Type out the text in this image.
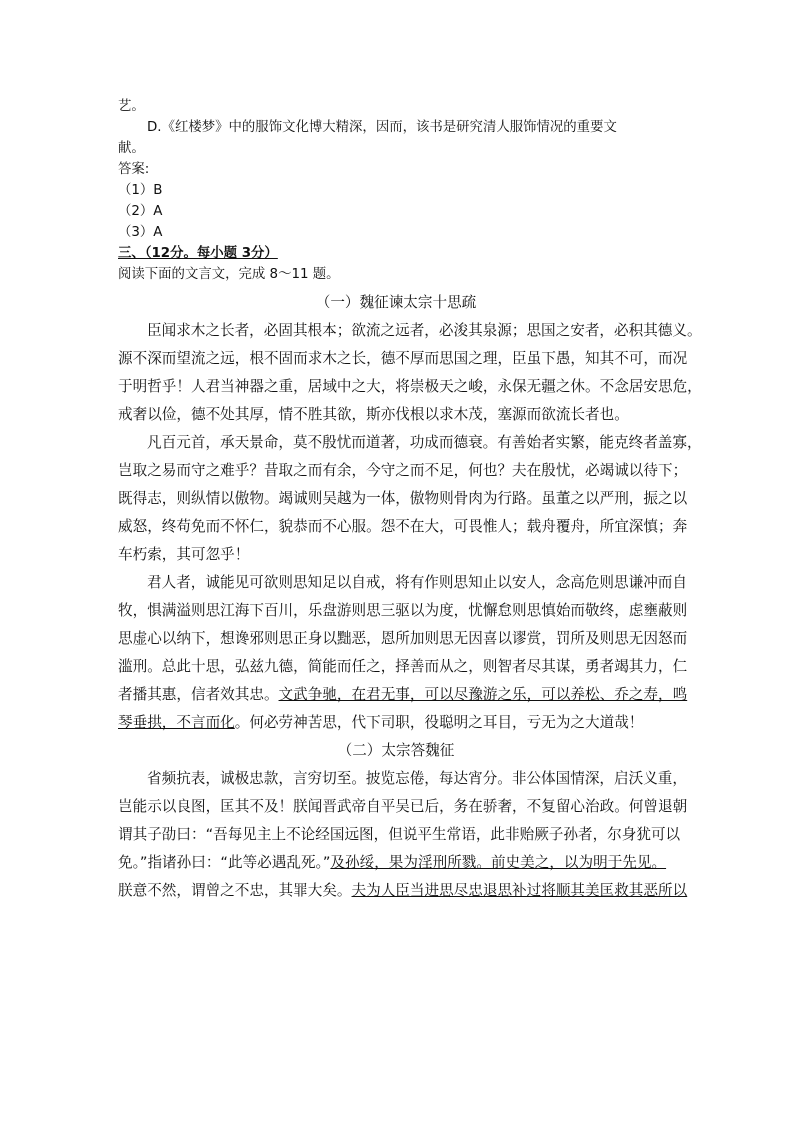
艺。

D.《红楼梦》中的服饰文化博大精深，因而，该书是研究清人服饰情况的重要文

献。

答案:

（1）B

（2）A

（3）A

三、（12分。每小题 3分）

阅读下面的文言文，完成 8～11 题。

（一）魏征谏太宗十思疏

臣闻求木之长者，必固其根本；欲流之远者，必浚其泉源；思国之安者，必积其德义。

源不深而望流之远，根不固而求木之长，德不厚而思国之理，臣虽下愚，知其不可，而况

于明哲乎！人君当神器之重，居域中之大，将崇极天之峻，永保无疆之休。不念居安思危，

戒奢以俭，德不处其厚，情不胜其欲，斯亦伐根以求木茂，塞源而欲流长者也。

凡百元首，承天景命，莫不殷忧而道著，功成而德衰。有善始者实繁，能克终者盖寡，

岂取之易而守之难乎？昔取之而有余，今守之而不足，何也？夫在殷忧，必竭诚以待下；

既得志，则纵情以傲物。竭诚则吴越为一体，傲物则骨肉为行路。虽董之以严刑，振之以

威怒，终苟免而不怀仁，貌恭而不心服。怨不在大，可畏惟人；载舟覆舟，所宜深慎；奔

车朽索，其可忽乎！

君人者，诚能见可欲则思知足以自戒，将有作则思知止以安人，念高危则思谦冲而自

牧，惧满溢则思江海下百川，乐盘游则思三驱以为度，忧懈怠则思慎始而敬终，虑壅蔽则

思虚心以纳下，想谗邪则思正身以黜恶，恩所加则思无因喜以谬赏，罚所及则思无因怒而

滥刑。总此十思，弘兹九德，简能而任之，择善而从之，则智者尽其谋，勇者竭其力，仁

者播其惠，信者效其忠。文武争驰，在君无事，可以尽豫游之乐，可以养松、乔之寿，鸣

琴垂拱，不言而化。何必劳神苦思，代下司职，役聪明之耳目，亏无为之大道哉！

（二）太宗答魏征

省频抗表，诚极忠款，言穷切至。披览忘倦，每达宵分。非公体国情深，启沃义重，

岂能示以良图，匡其不及！朕闻晋武帝自平吴已后，务在骄奢，不复留心治政。何曾退朝

谓其子劭曰：“吾每见主上不论经国远图，但说平生常语，此非贻厥子孙者，尔身犹可以

免。”指诸孙曰：“此等必遇乱死。”及孙绥，果为淫刑所戮。前史美之，以为明于先见。

朕意不然，谓曾之不忠，其罪大矣。夫为人臣当进思尽忠退思补过将顺其美匡救其恶所以
